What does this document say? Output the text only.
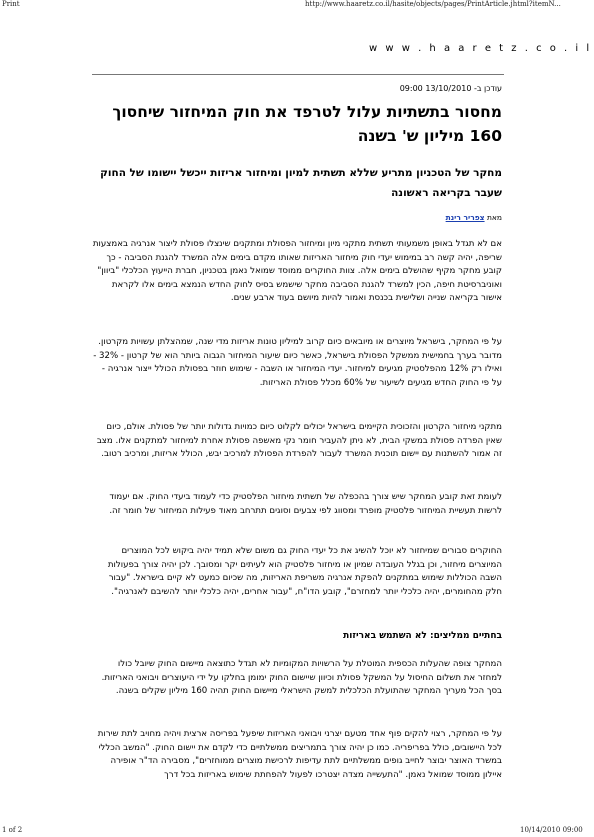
Print	http://www.haaretz.co.il/hasite/objects/pages/PrintArticle.jhtml?itemN...
w w w . h a a r e t z . c o . i l
עודכן ב- 13/10/2010 09:00
מחסור בתשתיות עלול לטרפד את חוק המיחזור שיחסוך 160 מיליון ש' בשנה
מחקר של הטכניון מתריע שללא תשתית למיון ומיחזור אריזות ייכשל יישומו של החוק שעבר בקריאה ראשונה
מאת צפריר רינת

אם לא תגדל באופן משמעותי תשתית מתקני מיון ומיחזור הפסולת ומתקנים שינצלו פסולת ליצור אנרגיה באמצעות שריפה, יהיה קשה רב במימוש יעדי חוק מיחזור האריזות שאותו מקדם בימים אלה המשרד להגנת הסביבה - כך קובע מחקר מקיף שהושלם בימים אלה. צוות החוקרים ממוסד שמואל נאמן בטכניון, חברת הייעוץ הכלכלי "ביוון" ואוניברסיטת חיפה, הכין למשרד להגנת הסביבה מחקר שישמש בסיס לחוק החדש הנמצא בימים אלו לקראת אישור בקריאה שנייה ושלישית בכנסת ואמור להיות מיושם בעוד ארבע שנים.

על פי המחקר, בישראל מיוצרים או מיובאים כיום קרוב למיליון טונות אריזות מדי שנה, שמהצלתן עשויות מקרטון. מדובר בערך בחמישית ממשקל הפסולת בישראל, כאשר כיום שיעור המיחזור הגבוה ביותר הוא של קרטון - 32% - ואילו רק 12% מהפלסטיק מגיעים למיחזור. יעדי המיחזור או השבה - שימוש חוזר בפסולת הכולל ייצור אנרגיה - על פי החוק החדש מגיעים לשיעור של 60% מכלל פסולת האריזות.

מתקני מיחזור הקרטון והזכוכית הקיימים בישראל יכולים לקלוט כיום כמויות גדולות יותר של פסולת. אולם, כיום שאין הפרדה פסולת במשקי הבית, לא ניתן להעביר חומר נקי מאשפה פסולת אחרת למיחזור למתקנים אלו. מצב זה אמור להשתנות עם יישום תוכנית המשרד לעבור להפרדת הפסולת למרכיב יבש, הכולל אריזות, ומרכיב רטוב.

לעומת זאת קובע המחקר שיש צורך בהכפלה של תשתית מיחזור הפלסטיק כדי לעמוד ביעדי החוק. אם יעמוד לרשות תעשיית המיחזור פלסטיק מופרד ומסווג לפי צבעים וסוגים תתרחב מאוד פעילות המיחזור של חומר זה.

החוקרים סבורים שמיחזור לא יוכל להשיג את כל יעדי החוק גם משום שלא תמיד יהיה ביקוש לכל המוצרים המיוצרים מיחזור, וכן בגלל העובדה שמיון או מיחזור פלסטיק הוא לעיתים יקר ומסובך. לכן יהיה צורך בפעולות השבה הכוללות שימוש במתקנים להפקת אנרגיה משריפת האריזות, מה שכיום כמעט לא קיים בישראל. "עבור חלק מהחומרים, יהיה כלכלי יותר למחזרם", קובע הדו"ח, "עבור אחרים, יהיה כלכלי יותר להשיבם לאנרגיה".

בחתיים ממליצים: לא השתמש באריזות

המחקר צופה שהעלות הכספית המוטלת על הרשויות המקומיות לא תגדל כתוצאה מיישום החוק שיובל כולו למחזר את תשלום החיסול על המשקל פסולת וכיוון שיישום החוק ימומן בחלקו על ידי היעוצרים ויבואני האריזות. בסך הכל מעריך המחקר שהתועלת הכלכלית למשק הישראלי מיישום החוק תהיה 160 מיליון שקלים בשנה.

על פי המחקר, רצוי להקים פוף אחד מטעם יצרני ויבואני האריזות שיפעל בפריסה ארצית ויהיה מחויב לתת שירות לכל היישובים, כולל בפריפריה. כמו כן יהיה צורך בתמריצים ממשלתיים כדי לקדם את יישום החוק. "המשב הכללי במשרד האוצר יבוצר לחייב גופים ממשלתיים לתת עדיפות לרכישת מוצרים ממוחזרים", מסבירה הד"ר אופירה איילון ממוסד שמואל נאמן. "התעשייה מצדה יצטרכו לפעול להפחתת שימוש באריזות בכל דרך

1 of 2	10/14/2010 09:00
